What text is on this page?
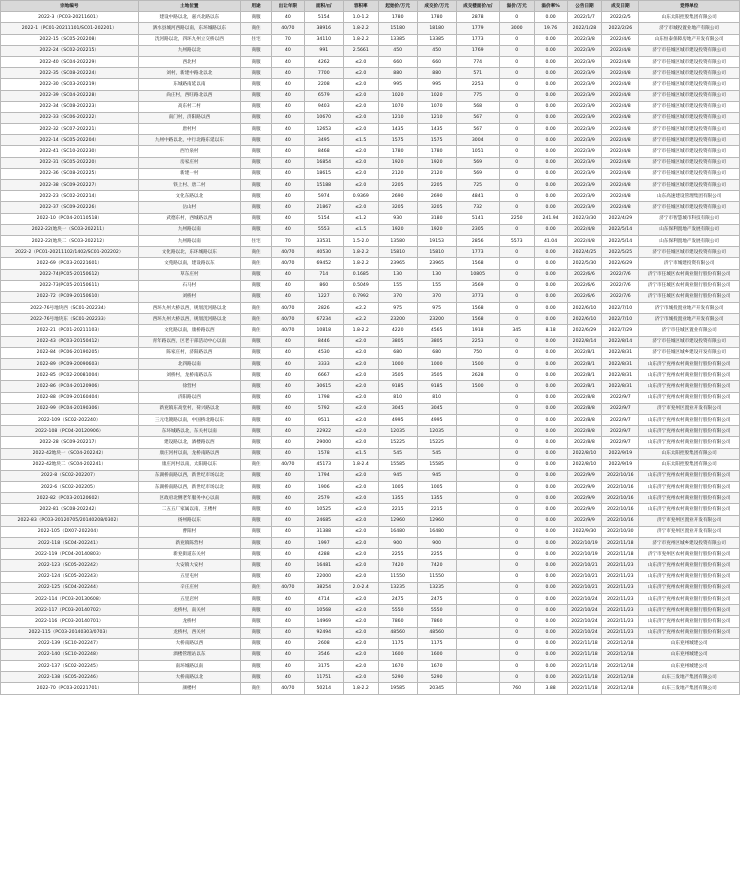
宗地编号	土地位置	用途	出让年限	面积/㎡	容积率	起始价/万元	成交价/万元	成交楼面价/㎡	溢价/万元	溢价率%	公告日期	成交日期	竞得单位
2022-3（PC03-20211601）	建设中路以北，嘉兴北路以东	商服	40	5154	1.0-1.2	1780	1780	2878	0	0.00	2022/1/7	2022/2/5	山东太阳控股集团有限公司
2022-1（PC01-20211101/SC01-202201）	泗水县城河西路以南，东环城路以东	商住	40/70	38916	1.8-2.2	15180	18180	1779	3000	19.76	2022/1/28	2022/2/26	济宁市城投置业地产有限公司
2022-15（SC05-202208）	洸河路以北，四环九州立交桥以西	住宅	70	34110	1.8-2.2	13385	13385	1773	0	0.00	2022/3/8	2022/4/6	山东恒泰保障房地产开发有限公司
2022-24（SC02-202215）	九州路以北	商服	40	991	2.5661	450	450	1769	0	0.00	2022/3/9	2022/4/8	济宁市任城区城市建设投资有限公司
2022-40（SC04-202229）	西北村	商服	40	4262	≤2.0	660	660	774	0	0.00	2022/3/9	2022/4/8	济宁市任城区城市建设投资有限公司
2022-35（SC08-202224）	刘村，新建中路北以北	商服	40	7700	≤2.0	880	880	571	0	0.00	2022/3/9	2022/4/8	济宁市任城区城市建设投资有限公司
2022-30（SC03-202219）	东城路南延以南	商服	40	2208	≤2.0	995	995	2253	0	0.00	2022/3/9	2022/4/8	济宁市任城区城市建设投资有限公司
2022-39（SC04-202228）	尚庄村，西旺路北以西	商服	40	6579	≤2.0	1020	1020	775	0	0.00	2022/3/9	2022/4/8	济宁市任城区城市建设投资有限公司
2022-34（SC08-202223）	高东村二村	商服	40	9403	≤2.0	1070	1070	568	0	0.00	2022/3/9	2022/4/8	济宁市任城区城市建设投资有限公司
2022-33（SC06-202222）	南门村，济阳路以西	商服	40	10670	≤2.0	1210	1210	567	0	0.00	2022/3/9	2022/4/8	济宁市任城区城市建设投资有限公司
2022-32（SC07-202221）	唐村村	商服	40	12653	≤2.0	1435	1435	567	0	0.00	2022/3/9	2022/4/8	济宁市任城区城市建设投资有限公司
2022-14（SC05-202204）	九州中路以北，中行北路东延以东	商服	40	3495	≤1.5	1575	1575	3004	0	0.00	2022/3/9	2022/4/8	济宁市任城区城市建设投资有限公司
2022-41（SC10-202230）	西竹泉村	商服	40	8468	≤2.0	1780	1780	1051	0	0.00	2022/3/9	2022/4/8	济宁市任城区城市建设投资有限公司
2022-31（SC05-202220）	房家庄村	商服	40	16854	≤2.0	1920	1920	569	0	0.00	2022/3/9	2022/4/8	济宁市任城区城市建设投资有限公司
2022-36（SC08-202225）	新建一村	商服	40	18615	≤2.0	2120	2120	569	0	0.00	2022/3/9	2022/4/8	济宁市任城区城市建设投资有限公司
2022-38（SC09-202227）	铁上村、唐二村	商服	40	15188	≤2.0	2205	2205	725	0	0.00	2022/3/9	2022/4/8	济宁市任城区城市建设投资有限公司
2022-23（SC02-202214）	文化东路以北	商服	40	5974	0.9369	2690	2690	4841	0	0.00	2022/3/9	2022/4/8	山东高速建设管理集团有限公司
2022-37（SC09-202226）	岳山村	商服	40	21867	≤2.0	3205	3205	732	0	0.00	2022/3/9	2022/4/8	济宁市任城区城市建设投资有限公司
2022-10（PC04-20110518）	武德东村，西城路以西	商服	40	5154	≤1.2	930	3180	5141	2250	241.94	2022/3/30	2022/4/29	济宁市智慧城市科技有限公司
2022-22(地块一（SC03-202211）	九州路以南	商服	40	5553	≤1.5	1920	1920	2305	0	0.00	2022/4/8	2022/5/14	山东保利置地产发展有限公司
2022-22(地块二（SC03-202212）	九州路以南	住宅	70	33531	1.5-2.0	13580	19153	2856	5573	41.04	2022/4/8	2022/5/14	山东保利置地产发展有限公司
2022-2（PC01-20211102/1402/SC01-202202）	文化路以北，东环城路以东	商住	40/70	40530	1.8-2.2	15810	15810	1773	0	0.00	2022/4/25	2022/5/25	济宁市任城区城市建设投资有限公司
2022-69（PC03-20221601）	文苑路以南，建设路以东	商住	40/70	69452	1.8-2.2	23965	23965	1568	0	0.00	2022/5/30	2022/6/29	济宁市城建投资有限公司
2022-74(PC05-20150612)	草东庄村	商服	40	714	0.1685	130	130	10805	0	0.00	2022/6/6	2022/7/6	济宁市任城区农村商业银行股份有限公司
2022-73(PC05-20150611)	石马村	商服	40	860	0.5049	155	155	3569	0	0.00	2022/6/6	2022/7/6	济宁市任城区农村商业银行股份有限公司
2022-72（PC09-20150610）	刘桥村	商服	40	1227	0.7992	370	370	3773	0	0.00	2022/6/6	2022/7/6	济宁市任城区农村商业银行股份有限公司
2022-76号地块西（SC01-202234）	西环九州大桥以西，规划洸河路以北	商住	40/70	2826	≤2.2	975	975	1568	0	0.00	2022/6/10	2022/7/10	济宁市城投置业地产开发有限公司
2022-76号地块东（SC01-202233）	西环九州大桥以西，规划洸河路以北	商住	40/70	67234	≤2.2	23200	23200	1568	0	0.00	2022/6/10	2022/7/10	济宁市城投置业地产开发有限公司
2022-21（PC01-20211103）	文化路以南，康桥路以西	商住	40/70	10818	1.8-2.2	4220	4565	1918	345	8.18	2022/6/29	2022/7/29	济宁市任城区置业有限公司
2022-43（PC03-20150412）	青年路以西，区老干部活动中心以南	商服	40	8446	≤2.0	3805	3805	2253	0	0.00	2022/8/14	2022/8/14	济宁市任城区城市建设投资有限公司
2022-84（PC06-20190205）	陈家庄村，济阳路以西	商服	40	4530	≤2.0	680	680	750	0	0.00	2022/8/1	2022/8/31	济宁市任城区城乡建设开发有限公司
2022-89（PC09-20090603）	北四路以南	商服	40	3333	≤2.0	1000	1000	1500	0	0.00	2022/8/1	2022/8/31	山东济宁兖州农村商业银行股份有限公司
2022-85（PC02-20081004）	刘桥村，龙桥南路以东	商服	40	6667	≤2.0	3505	3505	2628	0	0.00	2022/8/1	2022/8/31	山东济宁兖州农村商业银行股份有限公司
2022-86（PC04-20120906）	徐营村	商服	40	30615	≤2.0	9185	9185	1500	0	0.00	2022/8/1	2022/8/31	山东济宁兖州农村商业银行股份有限公司
2022-88（PC09-20160404）	济阳路以西	商服	40	1798	≤2.0	810	810		0	0.00	2022/8/8	2022/9/7	山东济宁兖州农村商业银行股份有限公司
2022-99（PC04-20190306）	新兖镇东高堂村，荷兴路以北	商服	40	5792	≤2.0	3045	3045		0	0.00	2022/8/8	2022/9/7	济宁市兖州区置业开发有限公司
2022-109（SC02-202240）	三元电镀路以南，中国桥北路以东	商服	40	9511	≤2.0	4995	4995		0	0.00	2022/8/8	2022/9/7	山东济宁兖州农村商业银行股份有限公司
2022-108（PC04-20120906）	东环城路以北，东关村以南	商服	40	22922	≤2.0	12035	12035		0	0.00	2022/8/8	2022/9/7	山东济宁兖州农村商业银行股份有限公司
2022-28（SC09-202217）	建设路以北，酒楼路以西	商服	40	29000	≤2.0	15225	15225		0	0.00	2022/8/8	2022/9/7	山东济宁兖州农村商业银行股份有限公司
2022-42地块一（SC04-202242）	康庄河村以南，龙桥南路以西	商服	40	1578	≤1.5	545	545		0	0.00	2022/8/10	2022/9/19	山东太阳控股集团有限公司
2022-42地块二（SC04-202241）	康庄河村以南，太阳路以东	商住	40/70	45173	1.8-2.4	15585	15585		0	0.00	2022/8/10	2022/9/19	山东太阳控股集团有限公司
2022-8（SC02-202207）	东湖桥南路以西，新世纪市场以北	商服	40	1794	≤2.0	945	945		0	0.00	2022/9/9	2022/10/16	山东济宁兖州农村商业银行股份有限公司
2022-6（SC02-202205）	东湖桥南路以西，新世纪市场以北	商服	40	1906	≤2.0	1005	1005		0	0.00	2022/9/9	2022/10/16	山东济宁兖州农村商业银行股份有限公司
2022-82（PC03-20120602）	区政府北侧老年服务中心以南	商服	40	2579	≤2.0	1355	1355		0	0.00	2022/9/9	2022/10/16	山东济宁兖州农村商业银行股份有限公司
2022-81（SC08-202242）	二五五厂家属以南，王楼村	商服	40	10525	≤2.0	2215	2215		0	0.00	2022/9/9	2022/10/16	山东济宁兖州农村商业银行股份有限公司
2022-83（PC03-20120705/20140208/0302）	扬州路以东	商服	40	24685	≤2.0	12960	12960		0	0.00	2022/9/9	2022/10/16	济宁市兖州区置业开发有限公司
2022-105（DX07-202204）	曹阳村	商服	40	31388	≤2.0	16480	16480		0	0.00	2022/9/30	2022/10/30	济宁市兖州区置业开发有限公司
2022-118（SC04-202241）	新兖镇陈营村	商服	40	1997	≤2.0	900	900		0	0.00	2022/10/19	2022/11/18	济宁市兖州区城乡建设投资有限公司
2022-119（PC04-20140803）	新兖街道东关村	商服	40	4288	≤2.0	2255	2255		0	0.00	2022/10/19	2022/11/18	济宁市兖州区农村商业银行股份有限公司
2022-123（SC05-202242）	大安镇大安村	商服	40	16481	≤2.0	7420	7420		0	0.00	2022/10/21	2022/11/23	山东济宁兖州农村商业银行股份有限公司
2022-124（SC05-202243）	五里屯村	商服	40	22000	≤2.0	11550	11550		0	0.00	2022/10/21	2022/11/23	山东济宁兖州农村商业银行股份有限公司
2022-125（SC04-202244）	辛庄庄村	商住	40/70	38254	2.0-2.4	13235	13235		0	0.00	2022/10/21	2022/11/23	山东济宁兖州农村商业银行股份有限公司
2022-114（PC03-20130608）	五里店村	商服	40	4714	≤2.0	2475	2475		0	0.00	2022/10/24	2022/11/23	山东济宁兖州农村商业银行股份有限公司
2022-117（PC03-20140702）	龙桥村，南关村	商服	40	10568	≤2.0	5550	5550		0	0.00	2022/10/24	2022/11/23	山东济宁兖州农村商业银行股份有限公司
2022-116（PC03-20140701）	龙桥村	商服	40	14969	≤2.0	7860	7860		0	0.00	2022/10/24	2022/11/23	山东济宁兖州农村商业银行股份有限公司
2022-115（PC03-20140303/0703）	龙桥村，西关村	商服	40	92494	≤2.0	48560	48560		0	0.00	2022/10/24	2022/11/23	山东济宁兖州农村商业银行股份有限公司
2022-139（SC10-202247）	大桥南路以西	商服	40	2608	≤2.0	1175	1175		0	0.00	2022/11/18	2022/12/18	山东兖州城建公司
2022-140（SC10-202248）	酒楼管理站以东	商服	40	3546	≤2.0	1600	1600		0	0.00	2022/11/18	2022/12/18	山东兖州城建公司
2022-137（SC02-202245）	南环城路以南	商服	40	3175	≤2.0	1670	1670		0	0.00	2022/11/18	2022/12/18	山东兖州城建公司
2022-138（SC05-202246）	大桥南路以北	商服	40	11751	≤2.0	5290	5290		0	0.00	2022/11/18	2022/12/18	山东三发地产集团有限公司
2022-70（PC03-20221701）	颜楼村	商住	40/70	50214	1.8-2.2	19585	20345		760	3.88	2022/11/18	2022/12/18	山东三发地产集团有限公司
